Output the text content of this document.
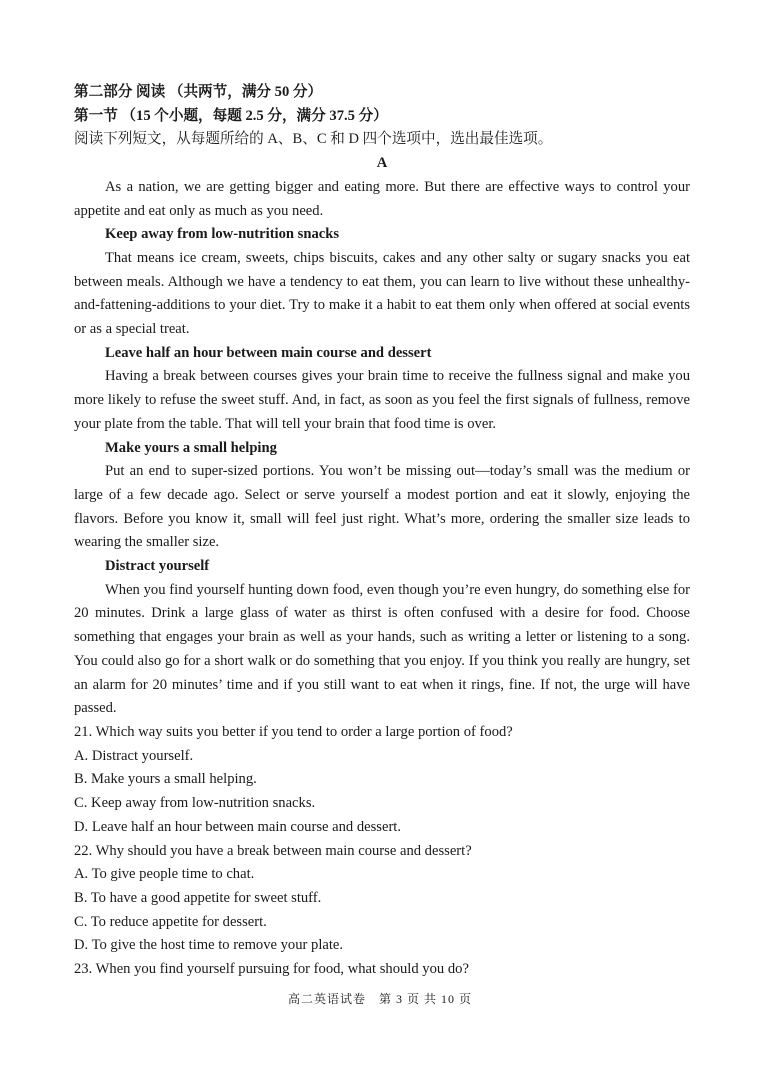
第二部分 阅读 （共两节，满分 50 分）
第一节 （15 个小题，每题 2.5 分，满分 37.5 分）
阅读下列短文，从每题所给的 A、B、C 和 D 四个选项中，选出最佳选项。
A
As a nation, we are getting bigger and eating more. But there are effective ways to control your appetite and eat only as much as you need.
Keep away from low-nutrition snacks
That means ice cream, sweets, chips biscuits, cakes and any other salty or sugary snacks you eat between meals. Although we have a tendency to eat them, you can learn to live without these unhealthy-and-fattening-additions to your diet. Try to make it a habit to eat them only when offered at social events or as a special treat.
Leave half an hour between main course and dessert
Having a break between courses gives your brain time to receive the fullness signal and make you more likely to refuse the sweet stuff. And, in fact, as soon as you feel the first signals of fullness, remove your plate from the table. That will tell your brain that food time is over.
Make yours a small helping
Put an end to super-sized portions. You won’t be missing out—today’s small was the medium or large of a few decade ago. Select or serve yourself a modest portion and eat it slowly, enjoying the flavors. Before you know it, small will feel just right. What’s more, ordering the smaller size leads to wearing the smaller size.
Distract yourself
When you find yourself hunting down food, even though you’re even hungry, do something else for 20 minutes. Drink a large glass of water as thirst is often confused with a desire for food. Choose something that engages your brain as well as your hands, such as writing a letter or listening to a song. You could also go for a short walk or do something that you enjoy. If you think you really are hungry, set an alarm for 20 minutes’ time and if you still want to eat when it rings, fine. If not, the urge will have passed.
21. Which way suits you better if you tend to order a large portion of food?
A. Distract yourself.
B. Make yours a small helping.
C. Keep away from low-nutrition snacks.
D. Leave half an hour between main course and dessert.
22. Why should you have a break between main course and dessert?
A. To give people time to chat.
B. To have a good appetite for sweet stuff.
C. To reduce appetite for dessert.
D. To give the host time to remove your plate.
23. When you find yourself pursuing for food, what should you do?
高二英语试卷　第 3 页 共 10 页
